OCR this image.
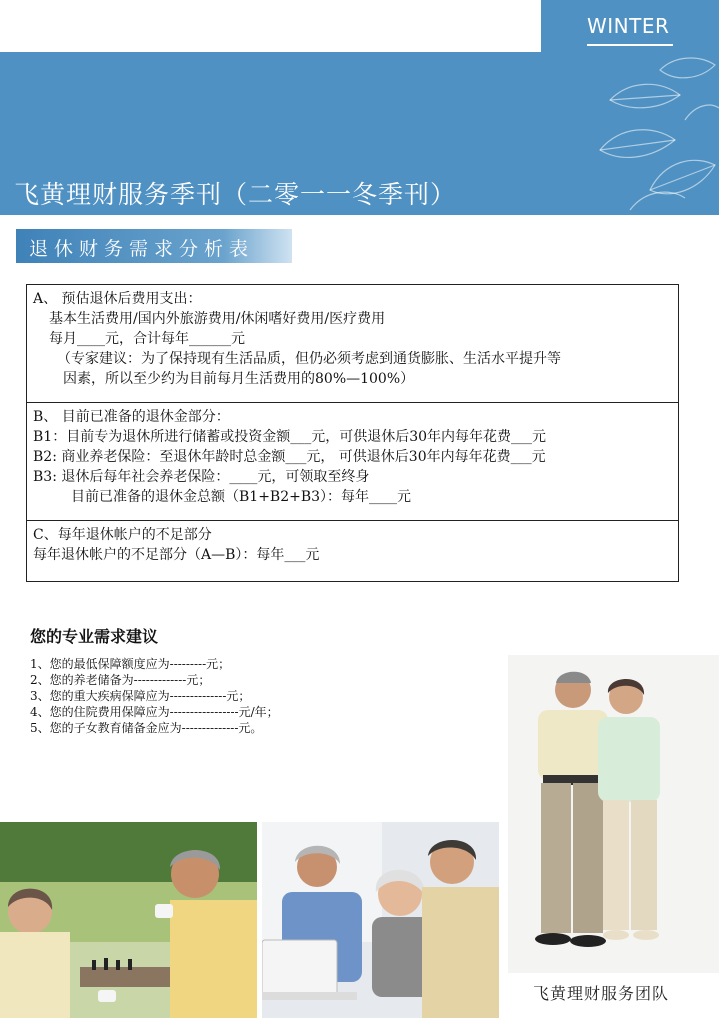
WINTER
飞黄理财服务季刊（二零一一冬季刊）
退休财务需求分析表

A、 预估退休后费用支出：

基本生活费用/国内外旅游费用/休闲嗜好费用/医疗费用

每月____元，合计每年______元

（专家建议：为了保持现有生活品质，但仍必须考虑到通货膨胀、生活水平提升等

因素，所以至少约为目前每月生活费用的80%—100%）

B、 目前已准备的退休金部分：

B1：目前专为退休所进行储蓄或投资金额___元，可供退休后30年内每年花费___元

B2: 商业养老保险：至退休年龄时总金额___元， 可供退休后30年内每年花费___元

B3: 退休后每年社会养老保险：____元，可领取至终身

目前已准备的退休金总额（B1+B2+B3）：每年____元

C、每年退休帐户的不足部分

每年退休帐户的不足部分（A—B）：每年___元

您的专业需求建议

1、您的最低保障额度应为---------元；

2、您的养老储备为-------------元；

3、您的重大疾病保障应为--------------元；

4、您的住院费用保障应为-----------------元/年；

5、您的子女教育储备金应为--------------元。

飞黄理财服务团队
